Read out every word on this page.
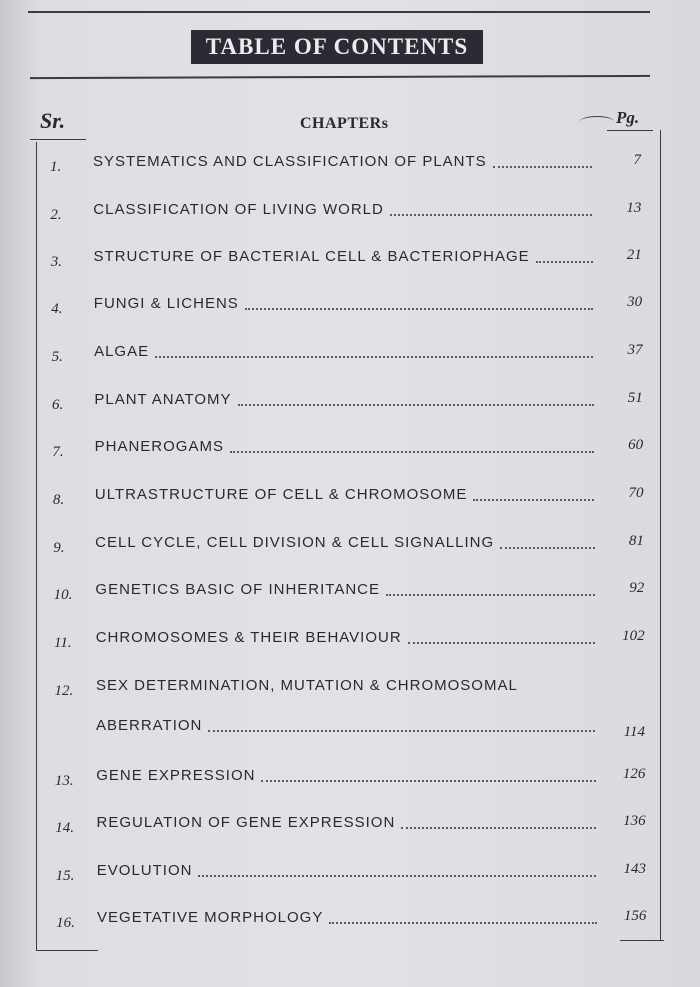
TABLE OF CONTENTS
Sr.	CHAPTERs	Pg.
1.	SYSTEMATICS AND CLASSIFICATION OF PLANTS	7
2.	CLASSIFICATION OF LIVING WORLD	13
3.	STRUCTURE OF BACTERIAL CELL & BACTERIOPHAGE	21
4.	FUNGI & LICHENS	30
5.	ALGAE	37
6.	PLANT ANATOMY	51
7.	PHANEROGAMS	60
8.	ULTRASTRUCTURE OF CELL & CHROMOSOME	70
9.	CELL CYCLE, CELL DIVISION & CELL SIGNALLING	81
10.	GENETICS BASIC OF INHERITANCE	92
11.	CHROMOSOMES & THEIR BEHAVIOUR	102
12.	SEX DETERMINATION, MUTATION & CHROMOSOMAL
ABERRATION	114
13.	GENE EXPRESSION	126
14.	REGULATION OF GENE EXPRESSION	136
15.	EVOLUTION	143
16.	VEGETATIVE MORPHOLOGY	156
